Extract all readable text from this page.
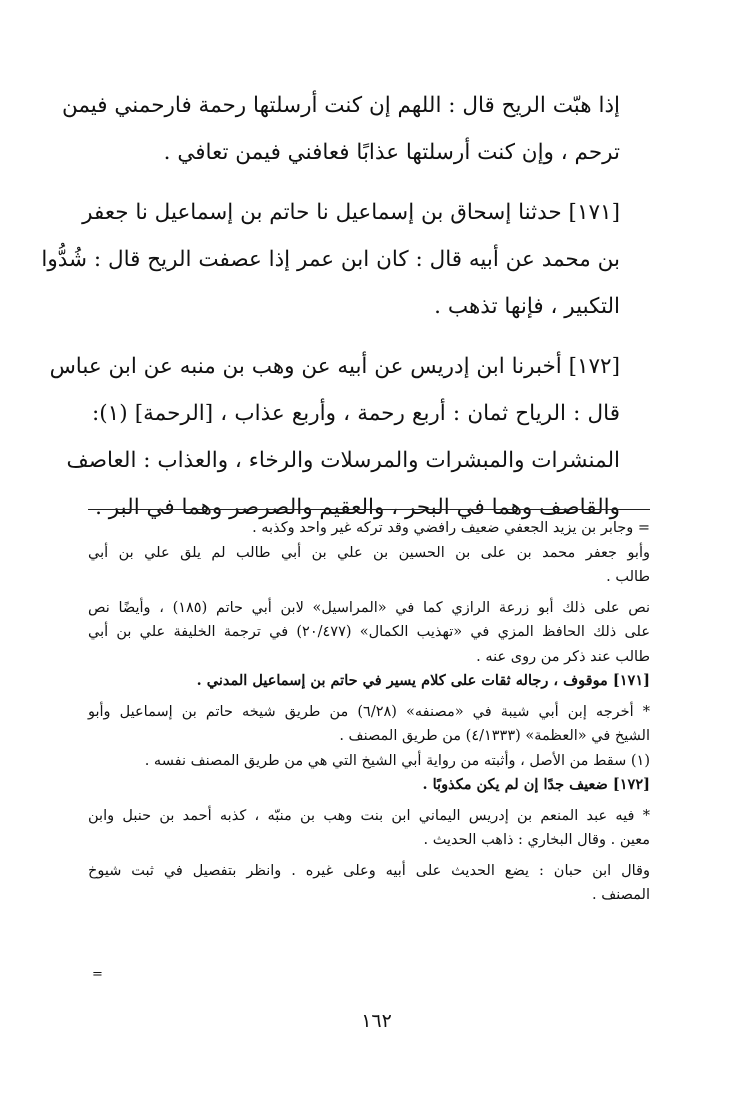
إذا هبّت الريح قال : اللهم إن كنت أرسلتها رحمة فارحمني فيمن
ترحم ، وإن كنت أرسلتها عذابًا فعافني فيمن تعافي .
[١٧١] حدثنا إسحاق بن إسماعيل نا حاتم بن إسماعيل نا جعفر
بن محمد عن أبيه قال : كان ابن عمر إذا عصفت الريح قال : شُدُّوا
التكبير ، فإنها تذهب .
[١٧٢] أخبرنا ابن إدريس عن أبيه عن وهب بن منبه عن ابن عباس
قال : الرياح ثمان : أربع رحمة ، وأربع عذاب ، [الرحمة] (١):
المنشرات والمبشرات والمرسلات والرخاء ، والعذاب : العاصف
والقاصف وهما في البحر ، والعقيم والصرصر وهما في البر .
= وجابر بن يزيد الجعفي ضعيف رافضي وقد تركه غير واحد وكذبه .
وأبو جعفر محمد بن على بن الحسين بن علي بن أبي طالب لم يلق علي بن أبي
طالب .
نص على ذلك أبو زرعة الرازي كما في «المراسيل» لابن أبي حاتم (١٨٥) ، وأيضًا نص
على ذلك الحافظ المزي في «تهذيب الكمال» (٢٠/٤٧٧) في ترجمة الخليفة علي بن أبي
طالب عند ذكر من روى عنه .
[١٧١] موقوف ، رجاله ثقات على كلام يسير في حاتم بن إسماعيل المدني .
* أخرجه إبن أبي شيبة في «مصنفه» (٦/٢٨) من طريق شيخه حاتم بن إسماعيل وأبو
الشيخ في «العظمة» (٤/١٣٣٣) من طريق المصنف .
(١) سقط من الأصل ، وأثبته من رواية أبي الشيخ التي هي من طريق المصنف نفسه .
[١٧٢] ضعيف جدًا إن لم يكن مكذوبًا .
* فيه عبد المنعم بن إدريس اليماني ابن بنت وهب بن منبّه ، كذبه أحمد بن حنبل وابن
معين . وقال البخاري : ذاهب الحديث .
وقال ابن حبان : يضع الحديث على أبيه وعلى غيره . وانظر بتفصيل في ثبت شيوخ
المصنف .
=
١٦٢
